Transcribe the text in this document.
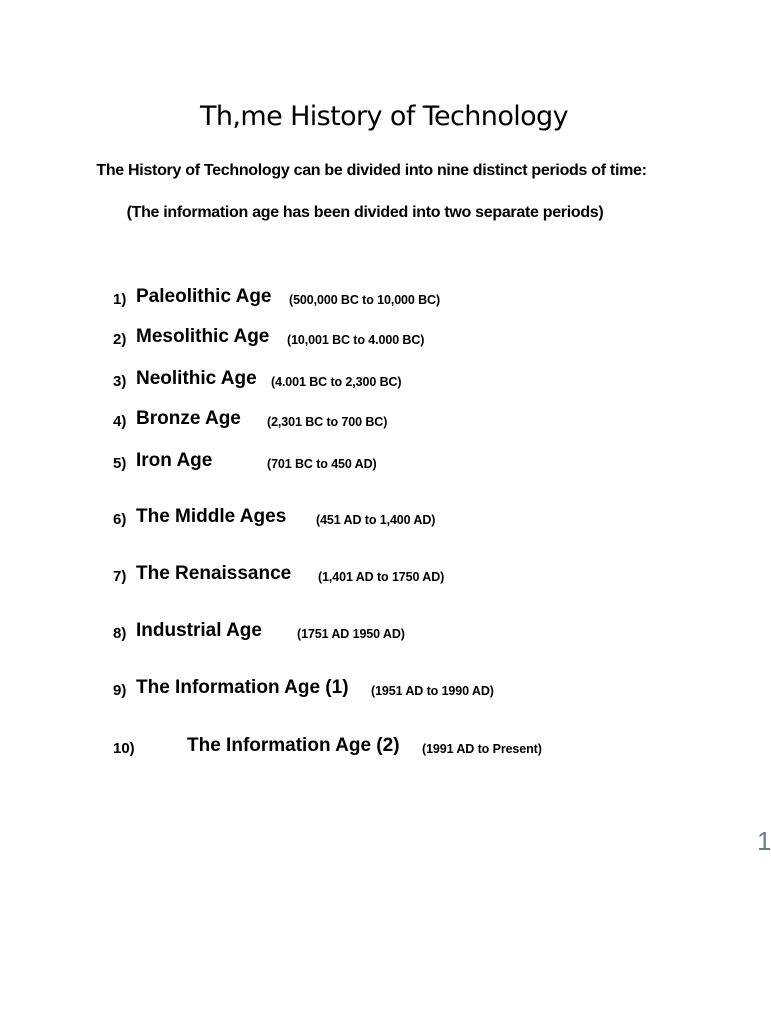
Th,me History of Technology
The History of Technology can be divided into nine distinct periods of time:
(The information age has been divided into two separate periods)
1) Paleolithic Age (500,000 BC to 10,000 BC)
2) Mesolithic Age (10,001 BC to 4.000 BC)
3) Neolithic Age (4.001 BC to 2,300 BC)
4) Bronze Age (2,301 BC to 700 BC)
5) Iron Age	(701 BC to 450 AD)
6) The Middle Ages (451 AD to 1,400 AD)
7) The Renaissance (1,401 AD to 1750 AD)
8) Industrial Age	(1751 AD 1950 AD)
9) The Information Age (1) (1951 AD to 1990 AD)
10)	The Information Age (2) (1991 AD to Present)
1
